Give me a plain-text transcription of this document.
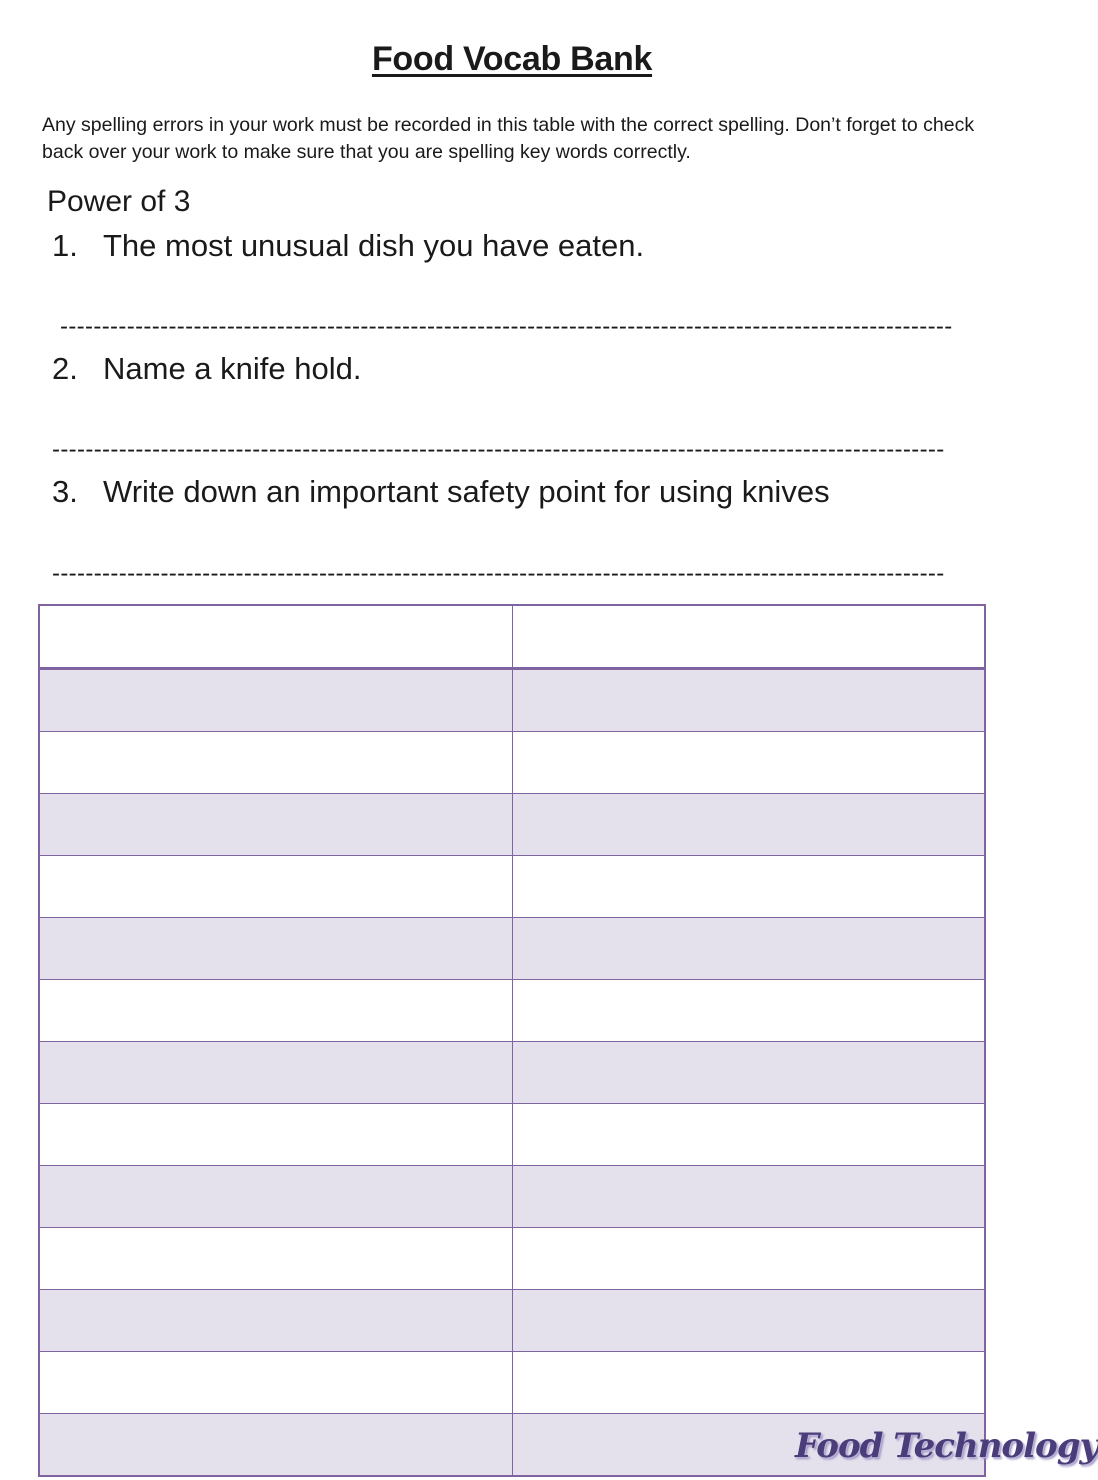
Food Vocab Bank
Any spelling errors in your work must be recorded in this table with the correct spelling. Don’t forget to check back over your work to make sure that you are spelling key words correctly.
Power of 3
1. The most unusual dish you have eaten.
-----------------------------------------------------------------------------------------------------------
2. Name a knife hold.
-----------------------------------------------------------------------------------------------------------
3. Write down an important safety point for using knives
-----------------------------------------------------------------------------------------------------------

Food Technology
